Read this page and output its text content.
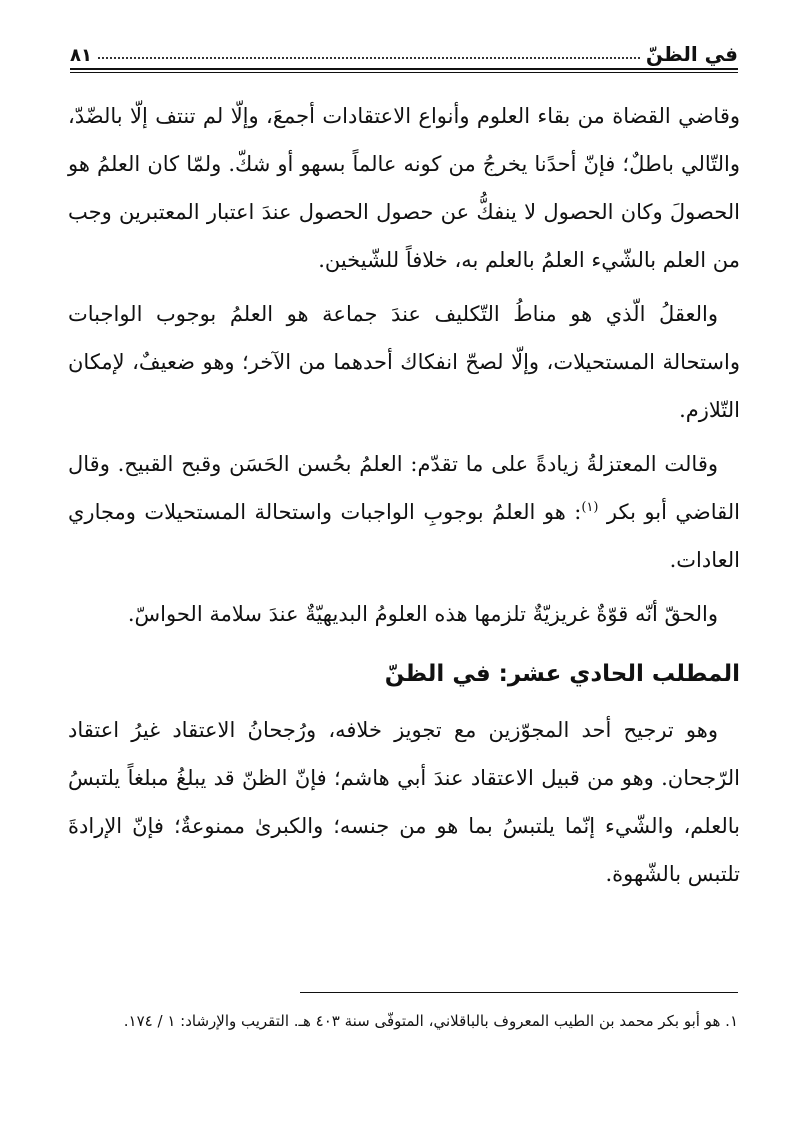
في الظنّ
٨١

وقاضي القضاة من بقاء العلوم وأنواع الاعتقادات أجمعَ، وإلّا لم تنتف إلّا بالضّدّ، والتّالي باطلٌ؛ فإنّ أحدًنا يخرجُ من كونه عالماً بسهو أو شكّ. ولمّا كان العلمُ هو الحصولَ وكان الحصول لا ينفكُّ عن حصول الحصول عندَ اعتبار المعتبرين وجب من العلم بالشّيء العلمُ بالعلم به، خلافاً للشّيخين.

والعقلُ الّذي هو مناطُ التّكليف عندَ جماعة هو العلمُ بوجوب الواجبات واستحالة المستحيلات، وإلّا لصحّ انفكاك أحدهما من الآخر؛ وهو ضعيفٌ، لإمكان التّلازم.

وقالت المعتزلةُ زيادةً على ما تقدّم: العلمُ بحُسن الحَسَن وقبح القبيح. وقال القاضي أبو بكر $^{(١)}$: هو العلمُ بوجوبِ الواجبات واستحالة المستحيلات ومجاري العادات.

والحقّ أنّه قوّةٌ غريزيّةٌ تلزمها هذه العلومُ البديهيّةٌ عندَ سلامة الحواسّ.

المطلب الحادي عشر: في الظنّ

وهو ترجيح أحد المجوّزين مع تجويز خلافه، ورُجحانُ الاعتقاد غيرُ اعتقاد الرّجحان. وهو من قبيل الاعتقاد عندَ أبي هاشم؛ فإنّ الظنّ قد يبلغُ مبلغاً يلتبسُ بالعلم، والشّيء إنّما يلتبسُ بما هو من جنسه؛ والكبرىٰ ممنوعةٌ؛ فإنّ الإرادةَ تلتبس بالشّهوة.

١. هو أبو بكر محمد بن الطيب المعروف بالباقلاني، المتوفّى سنة ٤٠٣ هـ. التقريب والإرشاد: ١ / ١٧٤.
